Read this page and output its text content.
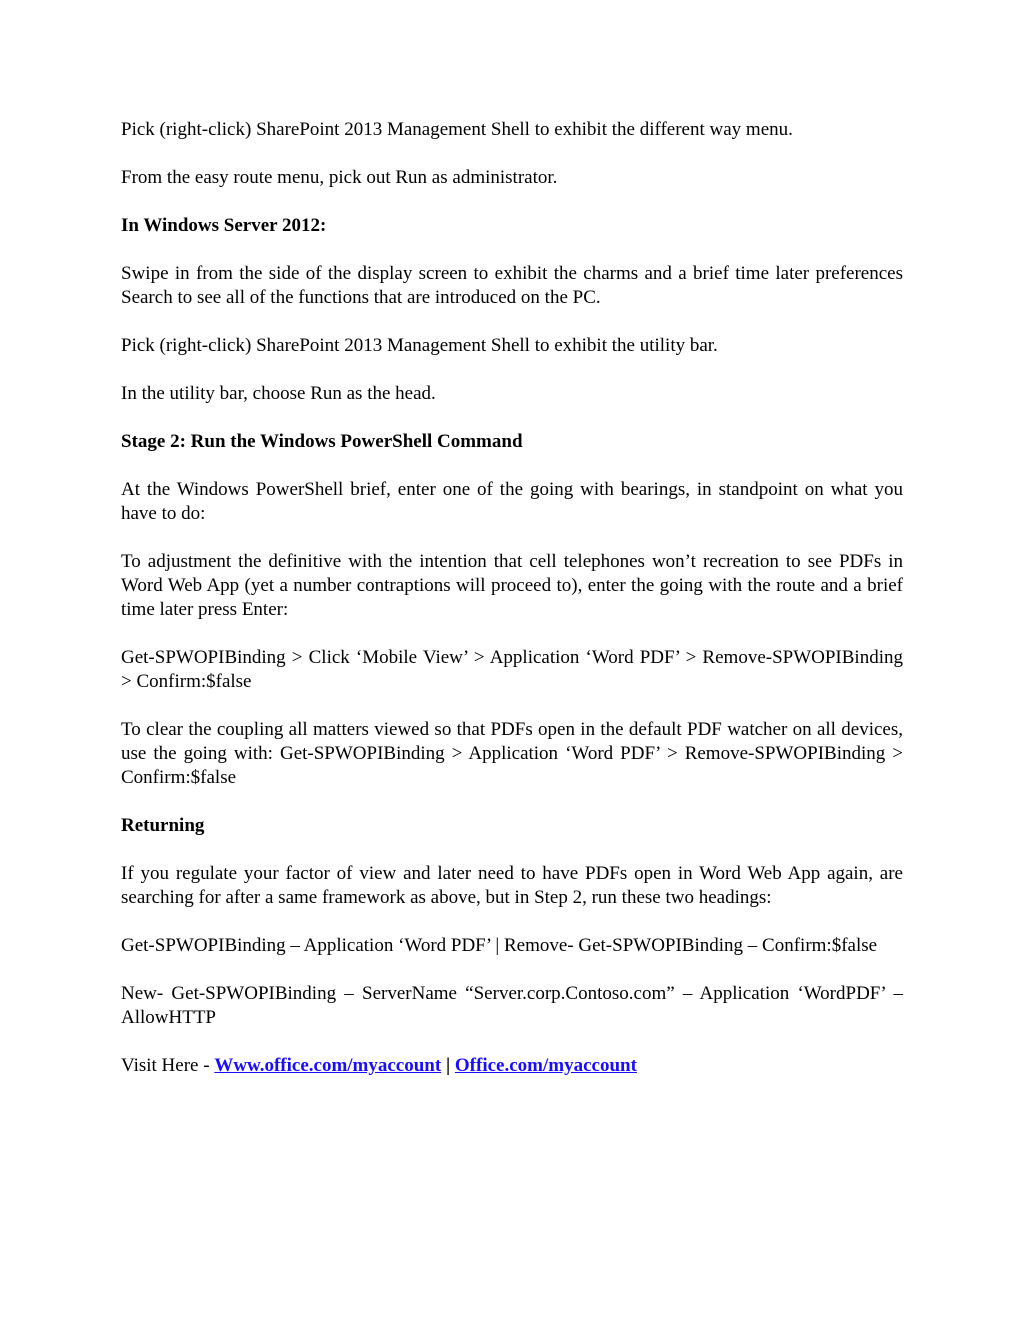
Pick (right-click) SharePoint 2013 Management Shell to exhibit the different way menu.

From the easy route menu, pick out Run as administrator.

In Windows Server 2012:

Swipe in from the side of the display screen to exhibit the charms and a brief time later preferences Search to see all of the functions that are introduced on the PC.

Pick (right-click) SharePoint 2013 Management Shell to exhibit the utility bar.

In the utility bar, choose Run as the head.

Stage 2: Run the Windows PowerShell Command

At the Windows PowerShell brief, enter one of the going with bearings, in standpoint on what you have to do:

To adjustment the definitive with the intention that cell telephones won’t recreation to see PDFs in Word Web App (yet a number contraptions will proceed to), enter the going with the route and a brief time later press Enter:

Get-SPWOPIBinding > Click ‘Mobile View’ > Application ‘Word PDF’ > Remove-SPWOPIBinding > Confirm:$false

To clear the coupling all matters viewed so that PDFs open in the default PDF watcher on all devices, use the going with: Get-SPWOPIBinding > Application ‘Word PDF’ > Remove-SPWOPIBinding > Confirm:$false

Returning

If you regulate your factor of view and later need to have PDFs open in Word Web App again, are searching for after a same framework as above, but in Step 2, run these two headings:

Get-SPWOPIBinding – Application ‘Word PDF’ | Remove- Get-SPWOPIBinding – Confirm:$false

New- Get-SPWOPIBinding – ServerName “Server.corp.Contoso.com” – Application ‘WordPDF’ – AllowHTTP

Visit Here - Www.office.com/myaccount | Office.com/myaccount
